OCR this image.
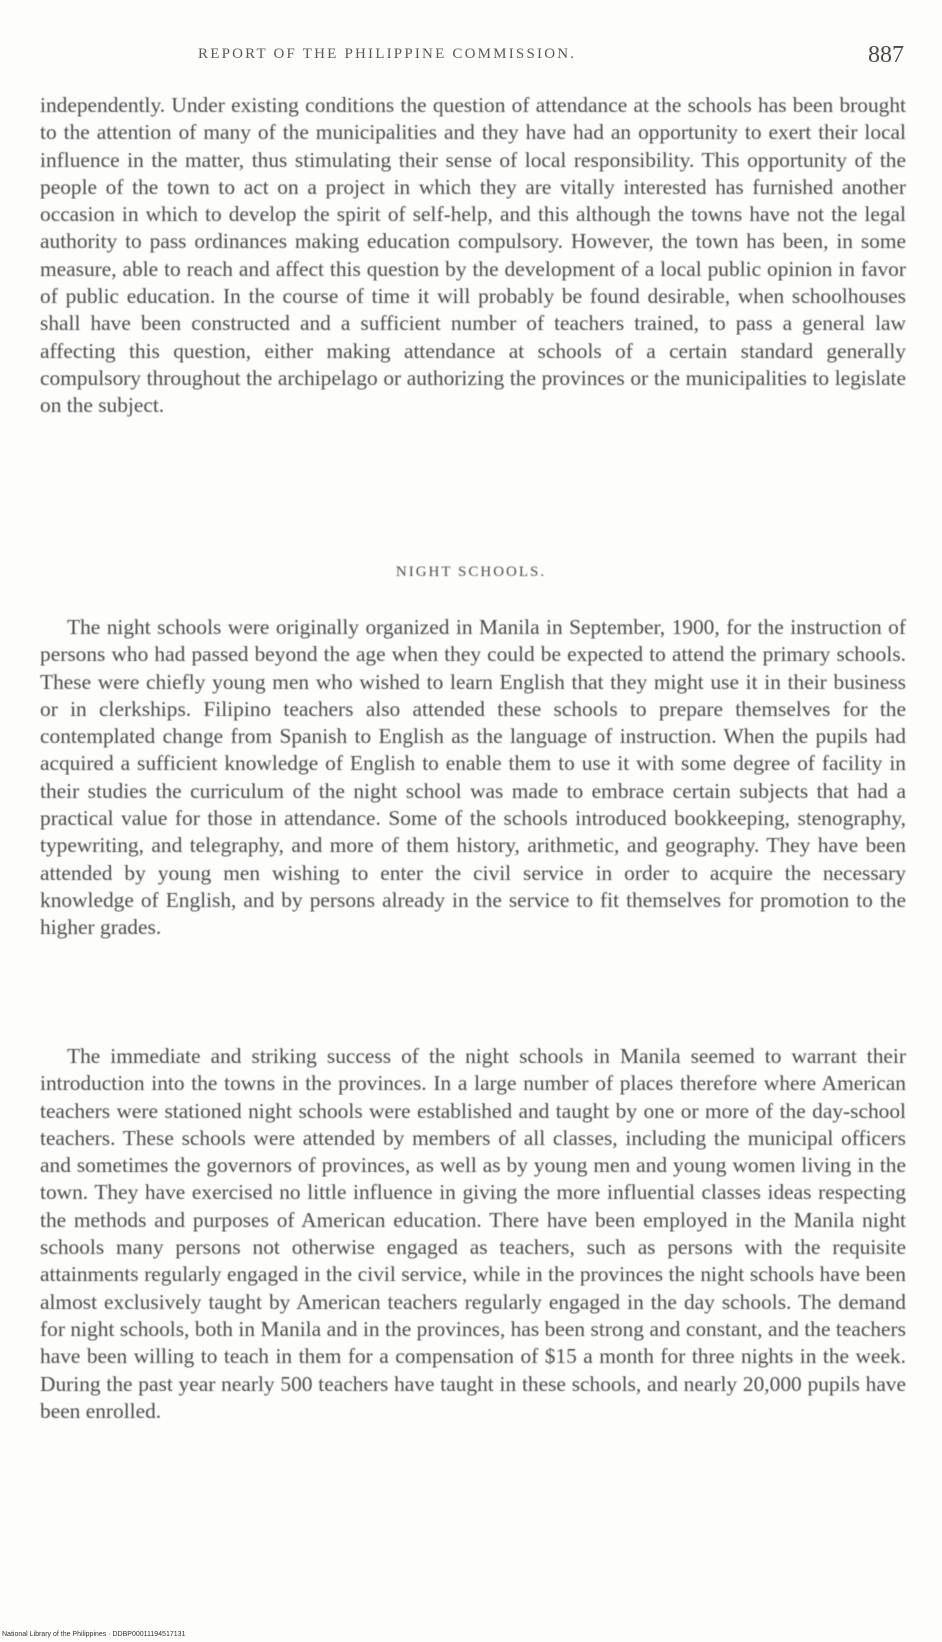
REPORT OF THE PHILIPPINE COMMISSION.	887

independently. Under existing conditions the question of attendance at the schools has been brought to the attention of many of the municipalities and they have had an opportunity to exert their local influence in the matter, thus stimulating their sense of local responsibility. This opportunity of the people of the town to act on a project in which they are vitally interested has furnished another occasion in which to develop the spirit of self-help, and this although the towns have not the legal authority to pass ordinances making education compulsory. However, the town has been, in some measure, able to reach and affect this question by the development of a local public opinion in favor of public education. In the course of time it will probably be found desirable, when schoolhouses shall have been constructed and a sufficient number of teachers trained, to pass a general law affecting this question, either making attendance at schools of a certain standard generally compulsory throughout the archipelago or authorizing the provinces or the municipalities to legislate on the subject.

NIGHT SCHOOLS.

The night schools were originally organized in Manila in September, 1900, for the instruction of persons who had passed beyond the age when they could be expected to attend the primary schools. These were chiefly young men who wished to learn English that they might use it in their business or in clerkships. Filipino teachers also attended these schools to prepare themselves for the contemplated change from Spanish to English as the language of instruction. When the pupils had acquired a sufficient knowledge of English to enable them to use it with some degree of facility in their studies the curriculum of the night school was made to embrace certain subjects that had a practical value for those in attendance. Some of the schools introduced bookkeeping, stenography, typewriting, and telegraphy, and more of them history, arithmetic, and geography. They have been attended by young men wishing to enter the civil service in order to acquire the necessary knowledge of English, and by persons already in the service to fit themselves for promotion to the higher grades.

The immediate and striking success of the night schools in Manila seemed to warrant their introduction into the towns in the provinces. In a large number of places therefore where American teachers were stationed night schools were established and taught by one or more of the day-school teachers. These schools were attended by members of all classes, including the municipal officers and sometimes the governors of provinces, as well as by young men and young women living in the town. They have exercised no little influence in giving the more influential classes ideas respecting the methods and purposes of American education. There have been employed in the Manila night schools many persons not otherwise engaged as teachers, such as persons with the requisite attainments regularly engaged in the civil service, while in the provinces the night schools have been almost exclusively taught by American teachers regularly engaged in the day schools. The demand for night schools, both in Manila and in the provinces, has been strong and constant, and the teachers have been willing to teach in them for a compensation of $15 a month for three nights in the week. During the past year nearly 500 teachers have taught in these schools, and nearly 20,000 pupils have been enrolled.

National Library of the Philippines · DDBP00011194517131
